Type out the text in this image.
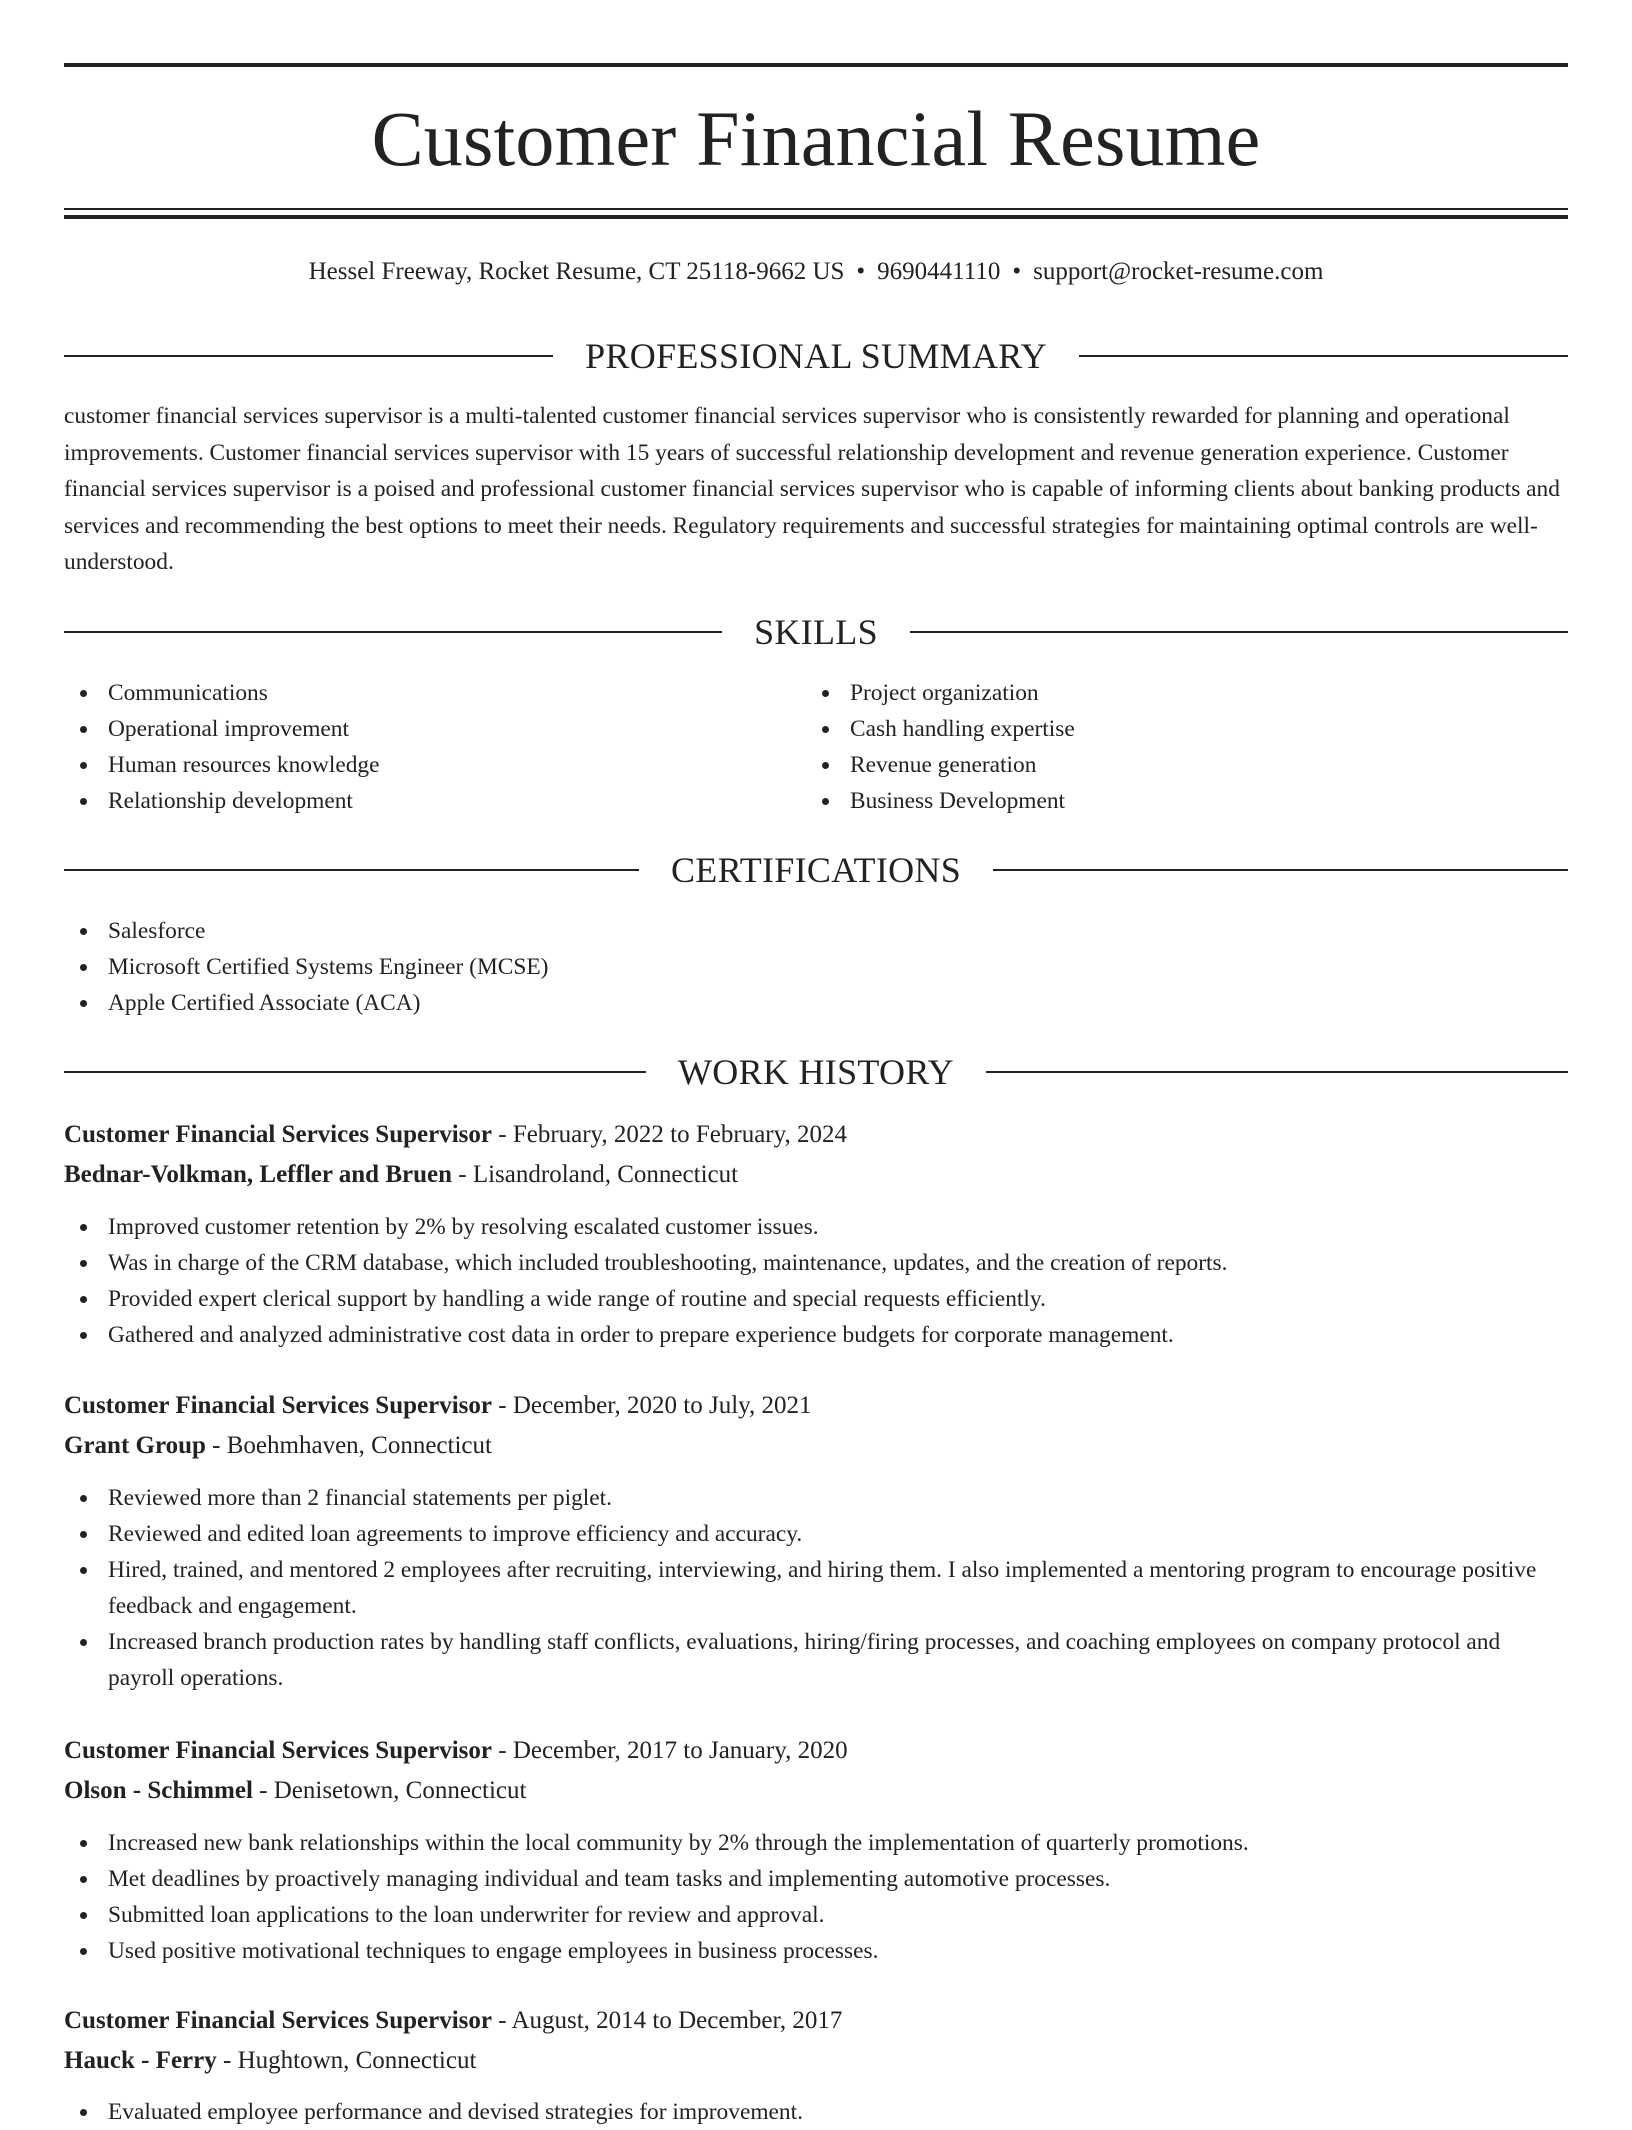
Customer Financial Resume
Hessel Freeway, Rocket Resume, CT 25118-9662 US • 9690441110 • support@rocket-resume.com
PROFESSIONAL SUMMARY

customer financial services supervisor is a multi-talented customer financial services supervisor who is consistently rewarded for planning and operational improvements. Customer financial services supervisor with 15 years of successful relationship development and revenue generation experience. Customer financial services supervisor is a poised and professional customer financial services supervisor who is capable of informing clients about banking products and services and recommending the best options to meet their needs. Regulatory requirements and successful strategies for maintaining optimal controls are well-understood.

SKILLS
Communications
Operational improvement
Human resources knowledge
Relationship development
Project organization
Cash handling expertise
Revenue generation
Business Development
CERTIFICATIONS
Salesforce
Microsoft Certified Systems Engineer (MCSE)
Apple Certified Associate (ACA)
WORK HISTORY
Customer Financial Services Supervisor - February, 2022 to February, 2024
Bednar-Volkman, Leffler and Bruen - Lisandroland, Connecticut
Improved customer retention by 2% by resolving escalated customer issues.
Was in charge of the CRM database, which included troubleshooting, maintenance, updates, and the creation of reports.
Provided expert clerical support by handling a wide range of routine and special requests efficiently.
Gathered and analyzed administrative cost data in order to prepare experience budgets for corporate management.
Customer Financial Services Supervisor - December, 2020 to July, 2021
Grant Group - Boehmhaven, Connecticut
Reviewed more than 2 financial statements per piglet.
Reviewed and edited loan agreements to improve efficiency and accuracy.
Hired, trained, and mentored 2 employees after recruiting, interviewing, and hiring them. I also implemented a mentoring program to encourage positive feedback and engagement.
Increased branch production rates by handling staff conflicts, evaluations, hiring/firing processes, and coaching employees on company protocol and payroll operations.
Customer Financial Services Supervisor - December, 2017 to January, 2020
Olson - Schimmel - Denisetown, Connecticut
Increased new bank relationships within the local community by 2% through the implementation of quarterly promotions.
Met deadlines by proactively managing individual and team tasks and implementing automotive processes.
Submitted loan applications to the loan underwriter for review and approval.
Used positive motivational techniques to engage employees in business processes.
Customer Financial Services Supervisor - August, 2014 to December, 2017
Hauck - Ferry - Hughtown, Connecticut
Evaluated employee performance and devised strategies for improvement.
